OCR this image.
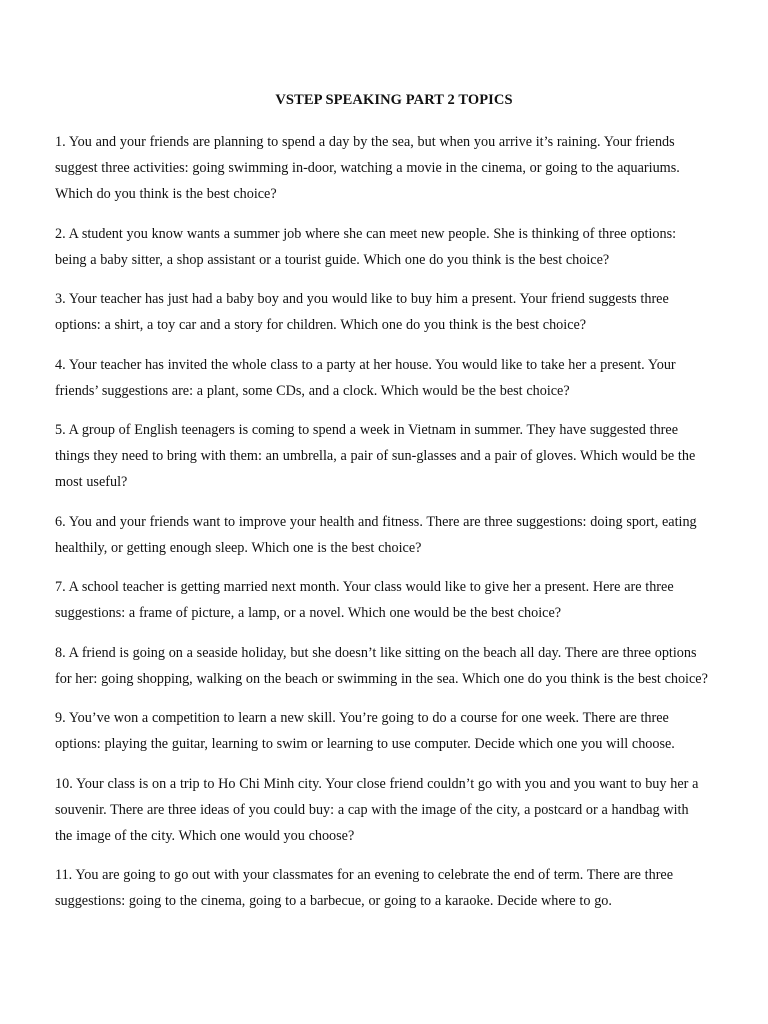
VSTEP SPEAKING PART 2 TOPICS
1. You and your friends are planning to spend a day by the sea, but when you arrive it’s raining. Your friends suggest three activities: going swimming in-door, watching a movie in the cinema, or going to the aquariums. Which do you think is the best choice?
2. A student you know wants a summer job where she can meet new people. She is thinking of three options: being a baby sitter, a shop assistant or a tourist guide. Which one do you think is the best choice?
3. Your teacher has just had a baby boy and you would like to buy him a present. Your friend suggests three options: a shirt, a toy car and a story for children. Which one do you think is the best choice?
4. Your teacher has invited the whole class to a party at her house. You would like to take her a present. Your friends’ suggestions are: a plant, some CDs, and a clock. Which would be the best choice?
5. A group of English teenagers is coming to spend a week in Vietnam in summer. They have suggested three things they need to bring with them: an umbrella, a pair of sun-glasses and a pair of gloves. Which would be the most useful?
6. You and your friends want to improve your health and fitness. There are three suggestions: doing sport, eating healthily, or getting enough sleep. Which one is the best choice?
7. A school teacher is getting married next month. Your class would like to give her a present. Here are three suggestions: a frame of picture, a lamp, or a novel. Which one would be the best choice?
8. A friend is going on a seaside holiday, but she doesn’t like sitting on the beach all day. There are three options for her: going shopping, walking on the beach or swimming in the sea. Which one do you think is the best choice?
9. You’ve won a competition to learn a new skill. You’re going to do a course for one week. There are three options: playing the guitar, learning to swim or learning to use computer. Decide which one you will choose.
10. Your class is on a trip to Ho Chi Minh city. Your close friend couldn’t go with you and you want to buy her a souvenir. There are three ideas of you could buy: a cap with the image of the city, a postcard or a handbag with the image of the city. Which one would you choose?
11. You are going to go out with your classmates for an evening to celebrate the end of term. There are three suggestions: going to the cinema, going to a barbecue, or going to a karaoke. Decide where to go.
